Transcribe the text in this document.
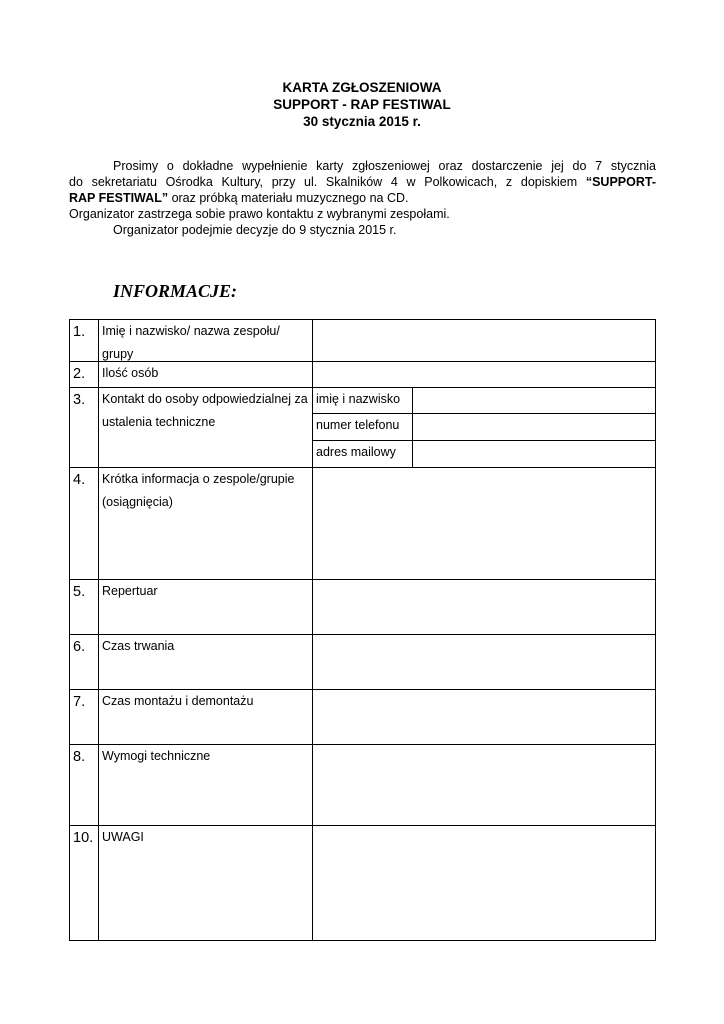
KARTA ZGŁOSZENIOWA
SUPPORT - RAP FESTIWAL
30 stycznia 2015 r.
Prosimy o dokładne wypełnienie karty zgłoszeniowej oraz dostarczenie jej do 7 stycznia
do sekretariatu Ośrodka Kultury, przy ul. Skalników 4 w Polkowicach, z dopiskiem “SUPPORT-
RAP FESTIWAL” oraz próbką materiału muzycznego na CD.
Organizator zastrzega sobie prawo kontaktu z wybranymi zespołami.
Organizator podejmie decyzje do 9 stycznia 2015 r.
INFORMACJE:
1.	Imię i nazwisko/ nazwa zespołu/ grupy
2.	Ilość osób
3.	Kontakt do osoby odpowiedzialnej za ustalenia techniczne
imię i nazwisko
numer telefonu
adres mailowy
4.	Krótka informacja o zespole/grupie (osiągnięcia)
5.	Repertuar
6.	Czas trwania
7.	Czas montażu i demontażu
8.	Wymogi techniczne
10. UWAGI
